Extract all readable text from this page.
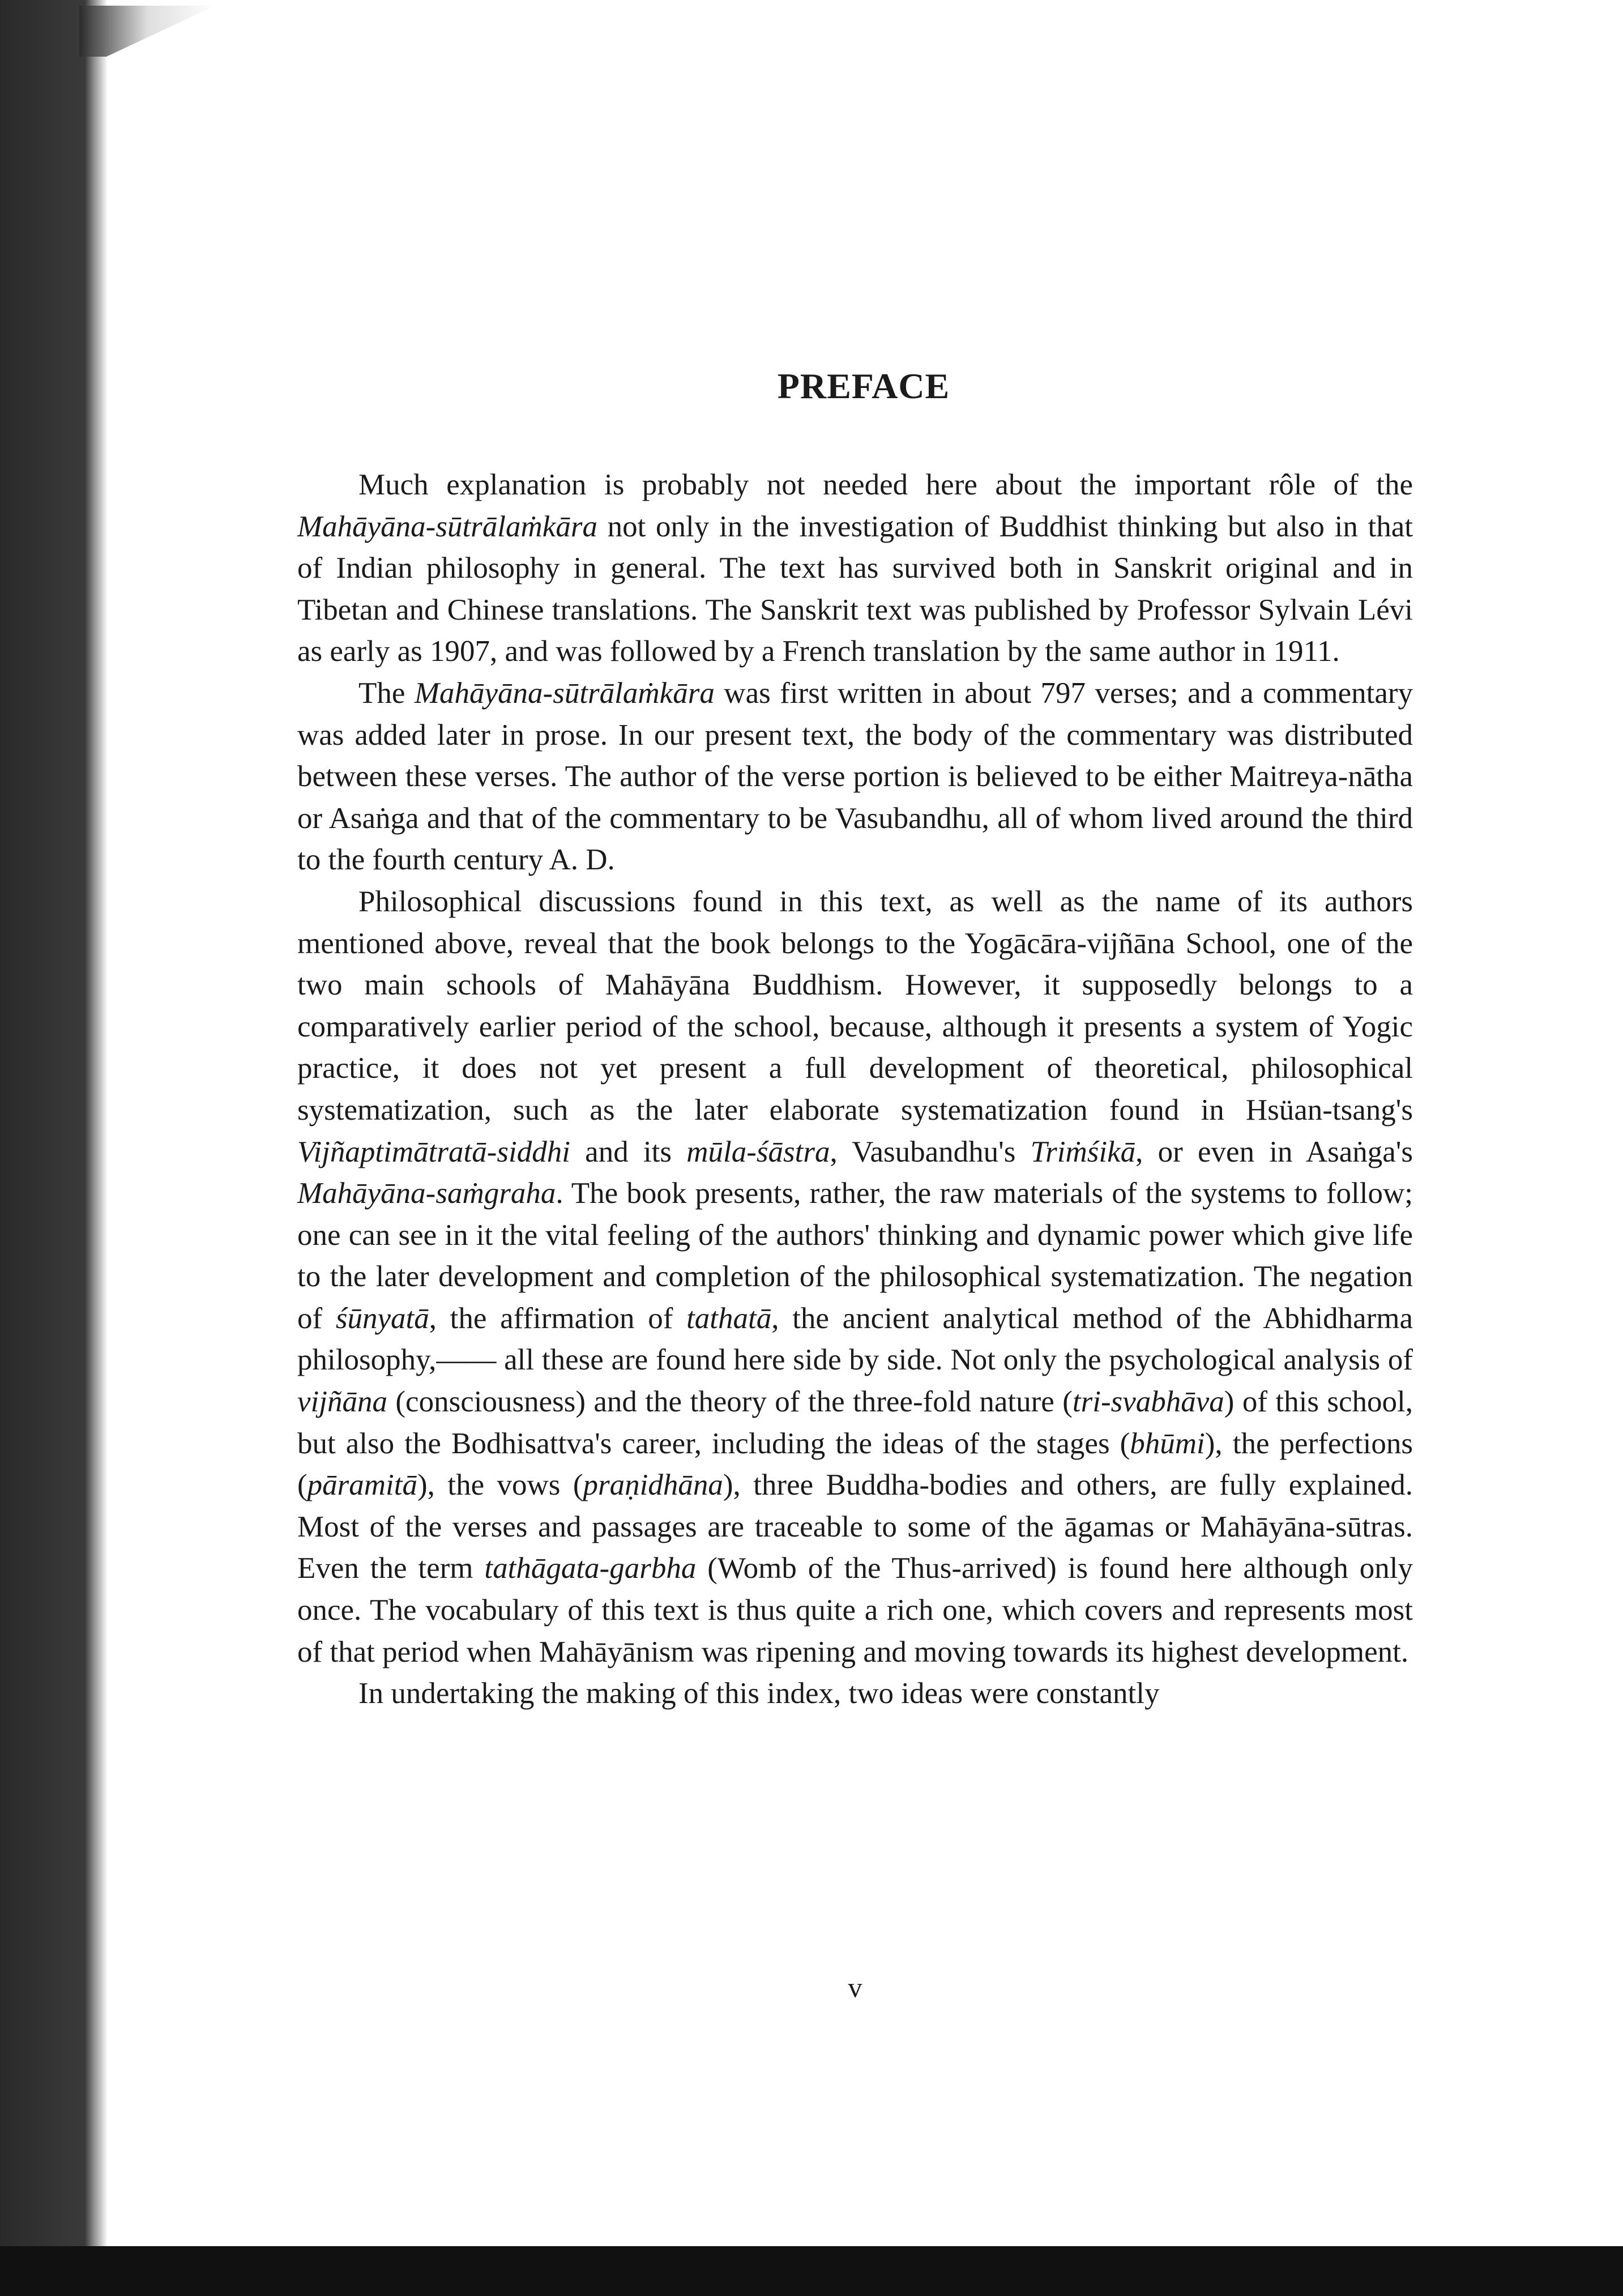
PREFACE

Much explanation is probably not needed here about the important rôle of the Mahāyāna-sūtrālaṁkāra not only in the investigation of Buddhist thinking but also in that of Indian philosophy in general. The text has survived both in Sanskrit original and in Tibetan and Chinese translations. The Sanskrit text was published by Professor Sylvain Lévi as early as 1907, and was followed by a French translation by the same author in 1911.

The Mahāyāna-sūtrālaṁkāra was first written in about 797 verses; and a commentary was added later in prose. In our present text, the body of the commentary was distributed between these verses. The author of the verse portion is believed to be either Maitreya-nātha or Asaṅga and that of the commentary to be Vasubandhu, all of whom lived around the third to the fourth century A. D.

Philosophical discussions found in this text, as well as the name of its authors mentioned above, reveal that the book belongs to the Yogācāra-vijñāna School, one of the two main schools of Mahāyāna Buddhism. However, it supposedly belongs to a comparatively earlier period of the school, because, although it presents a system of Yogic practice, it does not yet present a full development of theoretical, philosophical systematization, such as the later elaborate systematization found in Hsüan-tsang's Vijñaptimātratā-siddhi and its mūla-śāstra, Vasubandhu's Triṁśikā, or even in Asaṅga's Mahāyāna-saṁgraha. The book presents, rather, the raw materials of the systems to follow; one can see in it the vital feeling of the authors' thinking and dynamic power which give life to the later development and completion of the philosophical systematization. The negation of śūnyatā, the affirmation of tathatā, the ancient analytical method of the Abhidharma philosophy,—— all these are found here side by side. Not only the psychological analysis of vijñāna (consciousness) and the theory of the three-fold nature (tri-svabhāva) of this school, but also the Bodhisattva's career, including the ideas of the stages (bhūmi), the perfections (pāramitā), the vows (praṇidhāna), three Buddha-bodies and others, are fully explained. Most of the verses and passages are traceable to some of the āgamas or Mahāyāna-sūtras. Even the term tathāgata-garbha (Womb of the Thus-arrived) is found here although only once. The vocabulary of this text is thus quite a rich one, which covers and represents most of that period when Mahāyānism was ripening and moving towards its highest development.

In undertaking the making of this index, two ideas were constantly

v
